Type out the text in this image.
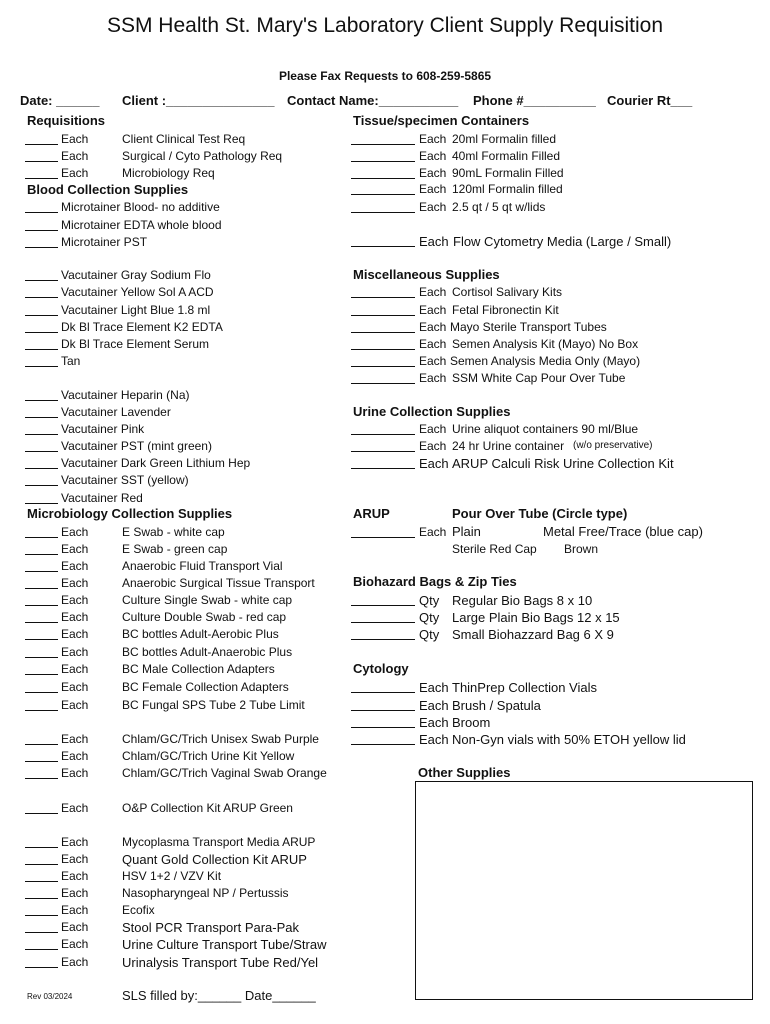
SSM Health St. Mary's Laboratory Client Supply Requisition
Please Fax Requests to 608-259-5865
Date: ______ Client :_______________ Contact Name:___________ Phone #__________ Courier Rt___
Requisitions
Each	Client Clinical Test Req
Each	Surgical / Cyto Pathology Req
Each	Microbiology Req
Blood Collection Supplies
Microtainer Blood- no additive
Microtainer EDTA whole blood
Microtainer PST
Vacutainer Gray Sodium Flo
Vacutainer Yellow Sol A ACD
Vacutainer Light Blue 1.8 ml
Dk Bl Trace Element K2 EDTA
Dk Bl Trace Element Serum
Tan
Vacutainer Heparin (Na)
Vacutainer Lavender
Vacutainer Pink
Vacutainer PST (mint green)
Vacutainer Dark Green Lithium Hep
Vacutainer SST (yellow)
Vacutainer Red
Microbiology Collection Supplies
Each	E Swab - white cap
Each	E Swab - green cap
Each	Anaerobic Fluid Transport Vial
Each	Anaerobic Surgical Tissue Transport
Each	Culture Single Swab - white cap
Each	Culture Double Swab - red cap
Each	BC bottles Adult-Aerobic Plus
Each	BC bottles Adult-Anaerobic Plus
Each	BC Male Collection Adapters
Each	BC Female Collection Adapters
Each	BC Fungal SPS Tube 2 Tube Limit
Each	Chlam/GC/Trich Unisex Swab Purple
Each	Chlam/GC/Trich Urine Kit Yellow
Each	Chlam/GC/Trich Vaginal Swab Orange
Each	O&P Collection Kit ARUP Green
Each	Mycoplasma Transport Media ARUP
Each	Quant Gold Collection Kit ARUP
Each	HSV 1+2 / VZV Kit
Each	Nasopharyngeal NP / Pertussis
Each	Ecofix
Each	Stool PCR Transport Para-Pak
Each	Urine Culture Transport Tube/Straw
Each	Urinalysis Transport Tube Red/Yel
Tissue/specimen Containers
Each 20ml Formalin filled
Each 40ml Formalin Filled
Each 90mL Formalin Filled
Each 120ml Formalin filled
Each 2.5 qt / 5 qt w/lids
Each Flow Cytometry Media (Large / Small)
Miscellaneous Supplies
Each Cortisol Salivary Kits
Each Fetal Fibronectin Kit
Each Mayo Sterile Transport Tubes
Each Semen Analysis Kit (Mayo) No Box
Each Semen Analysis Media Only (Mayo)
Each SSM White Cap Pour Over Tube
Urine Collection Supplies
Each Urine aliquot containers 90 ml/Blue
Each 24 hr Urine container
Each ARUP Calculi Risk Urine Collection Kit
(w/o preservative)
ARUP	Pour Over Tube (Circle type)
Each Plain	Metal Free/Trace (blue cap)
Sterile Red Cap Brown
Biohazard Bags & Zip Ties
Qty Regular Bio Bags 8 x 10
Qty Large Plain Bio Bags 12 x 15
Qty Small Biohazzard Bag 6 X 9
Cytology
Each ThinPrep Collection Vials
Each Brush / Spatula
Each Broom
Each Non-Gyn vials with 50% ETOH yellow lid
Other Supplies
Rev 03/2024	SLS filled by:______ Date______
